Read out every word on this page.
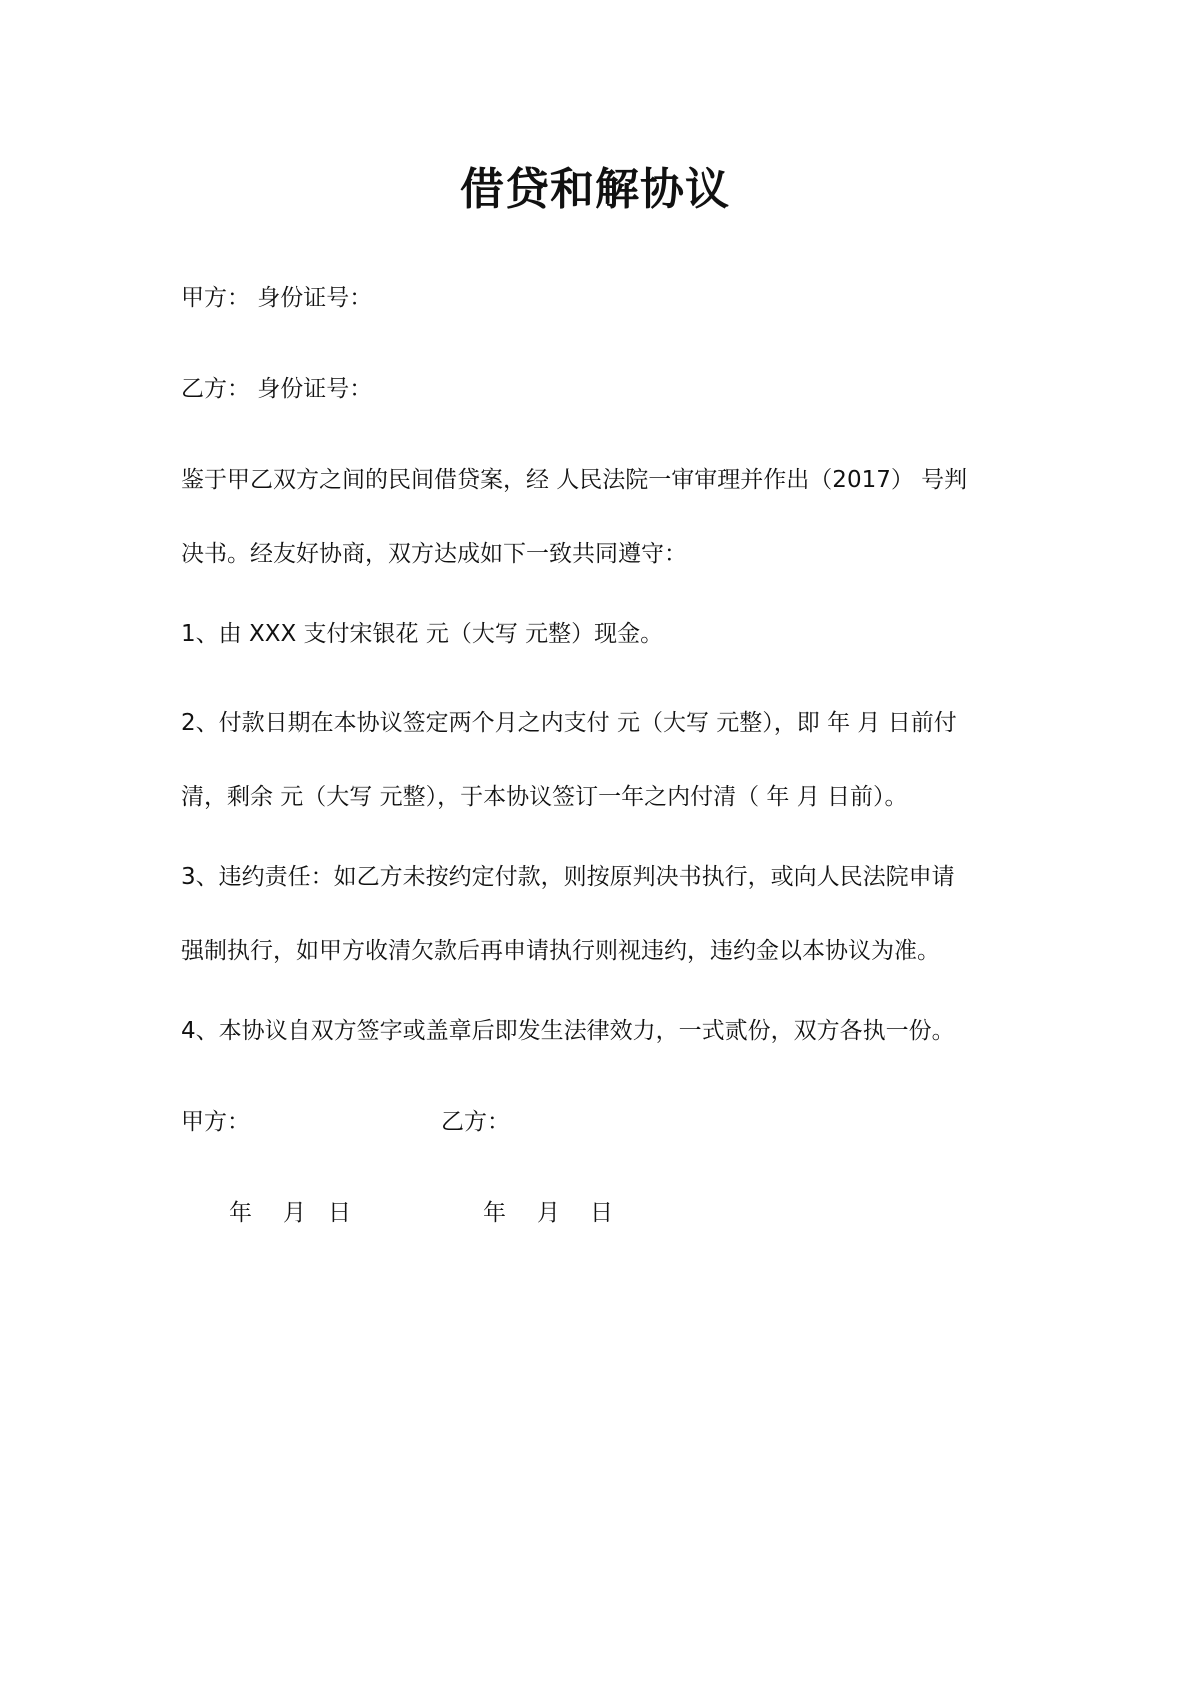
借贷和解协议
甲方： 身份证号：
乙方： 身份证号：
鉴于甲乙双方之间的民间借贷案，经 人民法院一审审理并作出（2017） 号判
决书。经友好协商，双方达成如下一致共同遵守：
1、由 XXX 支付宋银花 元（大写 元整）现金。
2、付款日期在本协议签定两个月之内支付 元（大写 元整），即 年 月 日前付
清，剩余 元（大写 元整），于本协议签订一年之内付清（ 年 月 日前）。
3、违约责任：如乙方未按约定付款，则按原判决书执行，或向人民法院申请
强制执行，如甲方收清欠款后再申请执行则视违约，违约金以本协议为准。
4、本协议自双方签字或盖章后即发生法律效力，一式贰份，双方各执一份。
甲方：	乙方：
年 月 日	年 月 日
